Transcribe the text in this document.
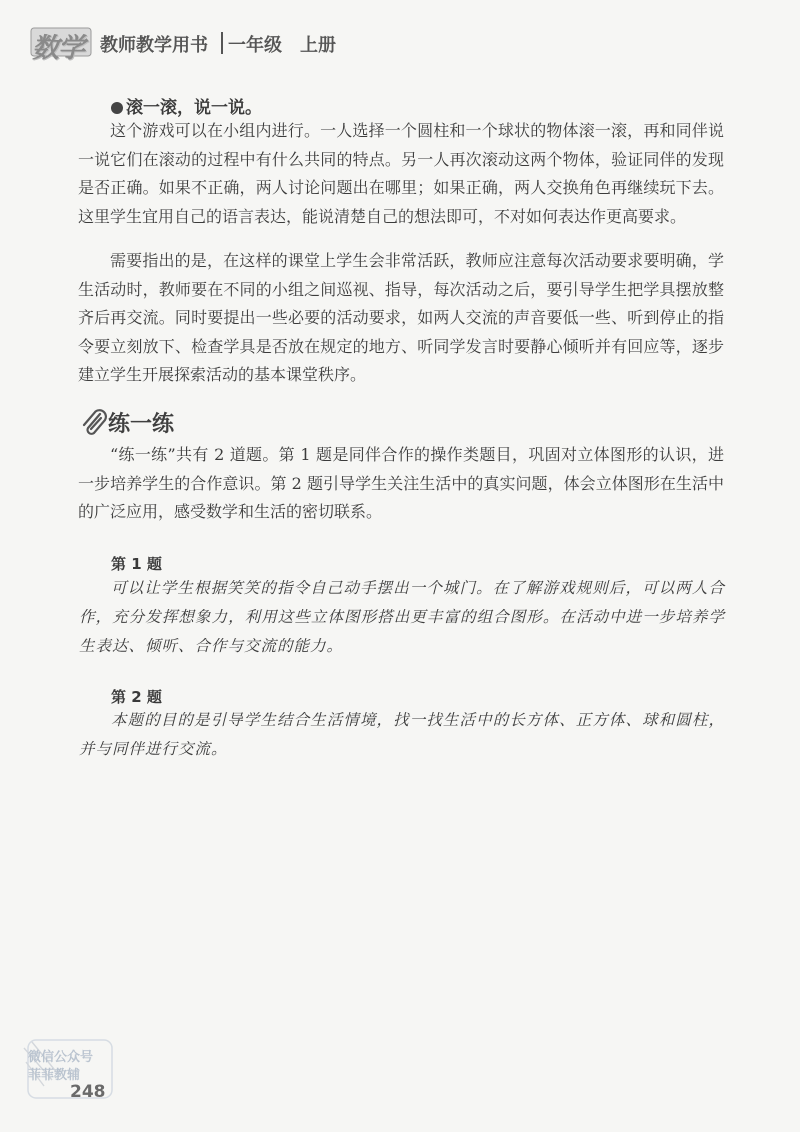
数学 教师教学用书 一年级　上册
滚一滚，说一说。

这个游戏可以在小组内进行。一人选择一个圆柱和一个球状的物体滚一滚，再和同伴说一说它们在滚动的过程中有什么共同的特点。另一人再次滚动这两个物体，验证同伴的发现是否正确。如果不正确，两人讨论问题出在哪里；如果正确，两人交换角色再继续玩下去。这里学生宜用自己的语言表达，能说清楚自己的想法即可，不对如何表达作更高要求。

需要指出的是，在这样的课堂上学生会非常活跃，教师应注意每次活动要求要明确，学生活动时，教师要在不同的小组之间巡视、指导，每次活动之后，要引导学生把学具摆放整齐后再交流。同时要提出一些必要的活动要求，如两人交流的声音要低一些、听到停止的指令要立刻放下、检查学具是否放在规定的地方、听同学发言时要静心倾听并有回应等，逐步建立学生开展探索活动的基本课堂秩序。

练一练

“练一练”共有 2 道题。第 1 题是同伴合作的操作类题目，巩固对立体图形的认识，进一步培养学生的合作意识。第 2 题引导学生关注生活中的真实问题，体会立体图形在生活中的广泛应用，感受数学和生活的密切联系。

第 1 题

可以让学生根据笑笑的指令自己动手摆出一个城门。在了解游戏规则后，可以两人合作，充分发挥想象力，利用这些立体图形搭出更丰富的组合图形。在活动中进一步培养学生表达、倾听、合作与交流的能力。

第 2 题

本题的目的是引导学生结合生活情境，找一找生活中的长方体、正方体、球和圆柱，并与同伴进行交流。

微信公众号
菲菲教辅
248
